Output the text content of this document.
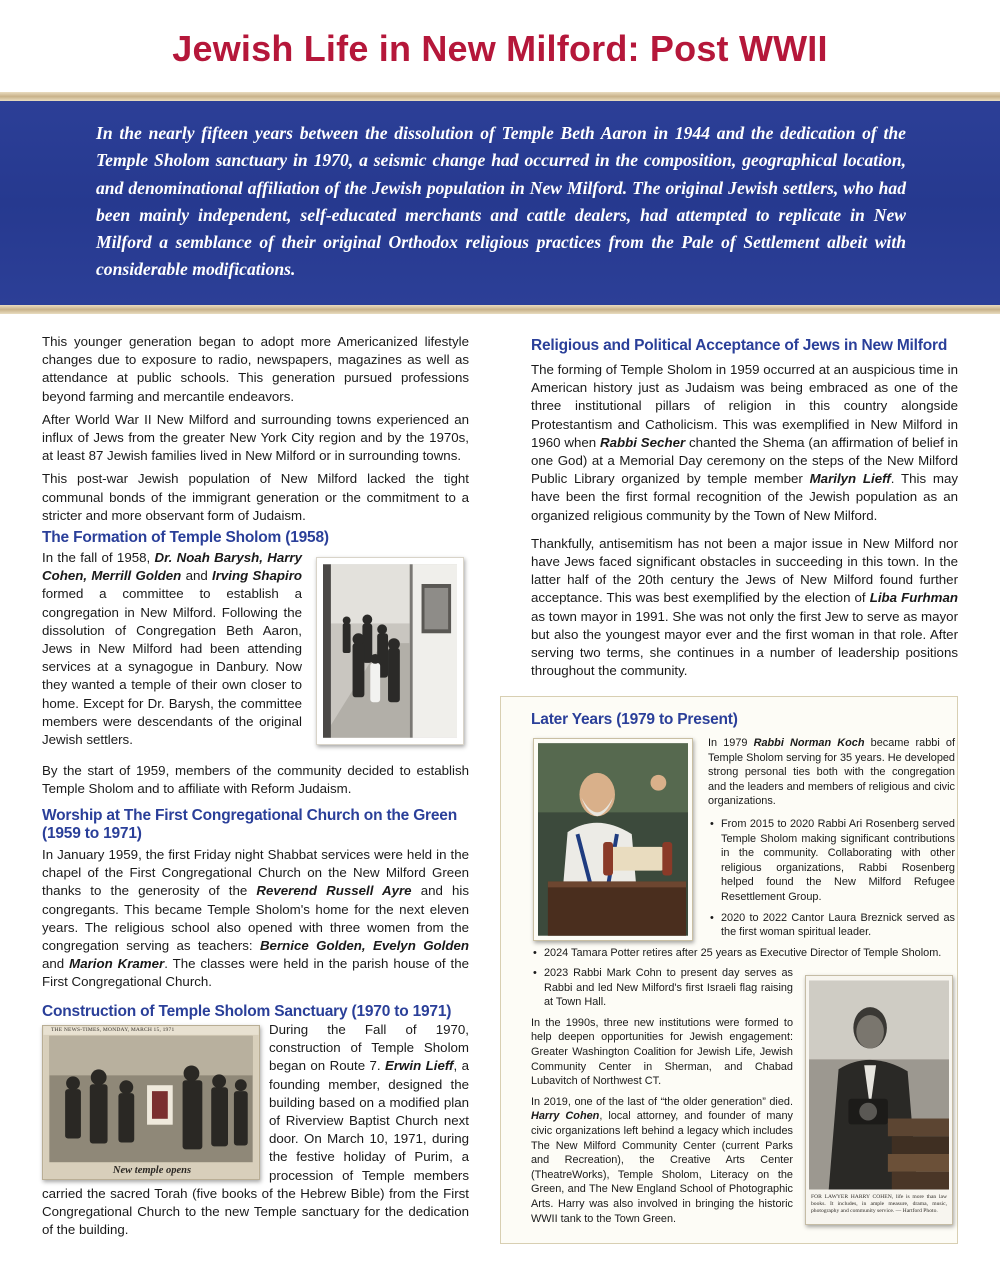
Jewish Life in New Milford: Post WWII
In the nearly fifteen years between the dissolution of Temple Beth Aaron in 1944 and the dedication of the Temple Sholom sanctuary in 1970, a seismic change had occurred in the composition, geographical location, and denominational affiliation of the Jewish population in New Milford. The original Jewish settlers, who had been mainly independent, self-educated merchants and cattle dealers, had attempted to replicate in New Milford a semblance of their original Orthodox religious practices from the Pale of Settlement albeit with considerable modifications.

This younger generation began to adopt more Americanized lifestyle changes due to exposure to radio, newspapers, magazines as well as attendance at public schools. This generation pursued professions beyond farming and mercantile endeavors.

After World War II New Milford and surrounding towns experienced an influx of Jews from the greater New York City region and by the 1970s, at least 87 Jewish families lived in New Milford or in surrounding towns.

This post-war Jewish population of New Milford lacked the tight communal bonds of the immigrant generation or the commitment to a stricter and more observant form of Judaism.

The Formation of Temple Sholom (1958)

In the fall of 1958, Dr. Noah Barysh, Harry Cohen, Merrill Golden and Irving Shapiro formed a committee to establish a congregation in New Milford. Following the dissolution of Congregation Beth Aaron, Jews in New Milford had been attending services at a synagogue in Danbury. Now they wanted a temple of their own closer to home. Except for Dr. Barysh, the committee members were descendants of the original Jewish settlers.

By the start of 1959, members of the community decided to establish Temple Sholom and to affiliate with Reform Judaism.

Worship at The First Congregational Church on the Green
(1959 to 1971)

In January 1959, the first Friday night Shabbat services were held in the chapel of the First Congregational Church on the New Milford Green thanks to the generosity of the Reverend Russell Ayre and his congregants. This became Temple Sholom's home for the next eleven years. The religious school also opened with three women from the congregation serving as teachers: Bernice Golden, Evelyn Golden and Marion Kramer. The classes were held in the parish house of the First Congregational Church.

Construction of Temple Sholom Sanctuary (1970 to 1971)
THE NEWS-TIMES, MONDAY, MARCH 15, 1971
New temple opens

During the Fall of 1970, construction of Temple Sholom began on Route 7. Erwin Lieff, a founding member, designed the building based on a modified plan of Riverview Baptist Church next door. On March 10, 1971, during the festive holiday of Purim, a procession of Temple members carried the sacred Torah (five books of the Hebrew Bible) from the First Congregational Church to the new Temple sanctuary for the dedication of the building.

Religious and Political Acceptance of Jews in New Milford

The forming of Temple Sholom in 1959 occurred at an auspicious time in American history just as Judaism was being embraced as one of the three institutional pillars of religion in this country alongside Protestantism and Catholicism. This was exemplified in New Milford in 1960 when Rabbi Secher chanted the Shema (an affirmation of belief in one God) at a Memorial Day ceremony on the steps of the New Milford Public Library organized by temple member Marilyn Lieff. This may have been the first formal recognition of the Jewish population as an organized religious community by the Town of New Milford.

Thankfully, antisemitism has not been a major issue in New Milford nor have Jews faced significant obstacles in succeeding in this town. In the latter half of the 20th century the Jews of New Milford found further acceptance. This was best exemplified by the election of Liba Furhman as town mayor in 1991. She was not only the first Jew to serve as mayor but also the youngest mayor ever and the first woman in that role. After serving two terms, she continues in a number of leadership positions throughout the community.

Later Years (1979 to Present)

In 1979 Rabbi Norman Koch became rabbi of Temple Sholom serving for 35 years. He developed strong personal ties both with the congregation and the leaders and members of religious and civic organizations.

• From 2015 to 2020 Rabbi Ari Rosenberg served Temple Sholom making significant contributions in the community. Collaborating with other religious organizations, Rabbi Rosenberg helped found the New Milford Refugee Resettlement Group.
• 2020 to 2022 Cantor Laura Breznick served as the first woman spiritual leader.
• 2024 Tamara Potter retires after 25 years as Executive Director of Temple Sholom.
• 2023 Rabbi Mark Cohn to present day serves as Rabbi and led New Milford's first Israeli flag raising at Town Hall.

In the 1990s, three new institutions were formed to help deepen opportunities for Jewish engagement: Greater Washington Coalition for Jewish Life, Jewish Community Center in Sherman, and Chabad Lubavitch of Northwest CT.

In 2019, one of the last of “the older generation” died. Harry Cohen, local attorney, and founder of many civic organizations left behind a legacy which includes The New Milford Community Center (current Parks and Recreation), the Creative Arts Center (TheatreWorks), Temple Sholom, Literacy on the Green, and The New England School of Photographic Arts. Harry was also involved in bringing the historic WWII tank to the Town Green.

FOR LAWYER HARRY COHEN, life is more than law books. It includes, in ample measure, drama, music, photography and community service. — Hartford Photo.
